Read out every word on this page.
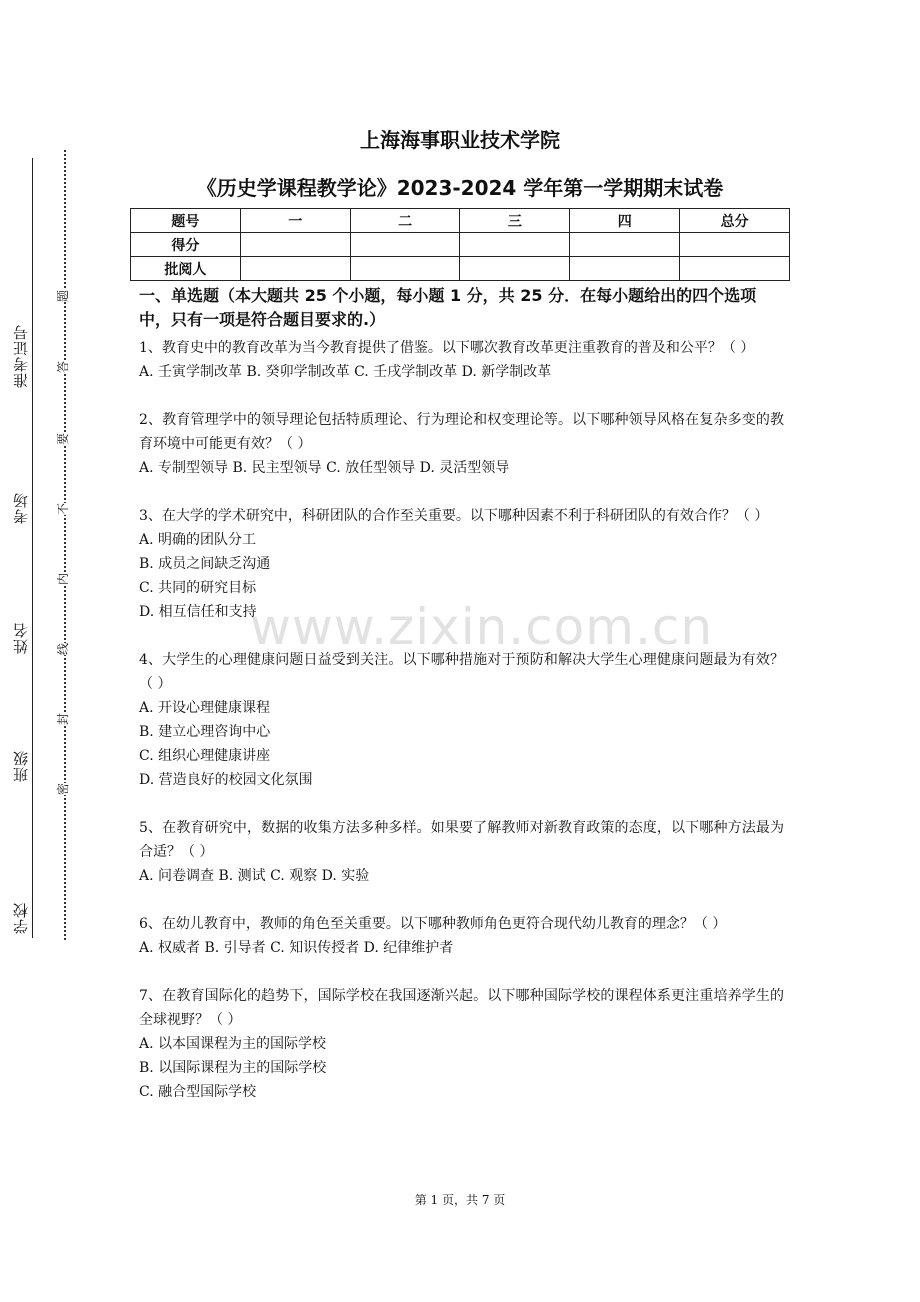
准考证号
考场
姓名
班级
学校
题
答
要
不
内
线
封
密
上海海事职业技术学院
《历史学课程教学论》2023-2024 学年第一学期期末试卷
题号	一	二	三	四	总分
得分					
批阅人					
一、单选题（本大题共 25 个小题，每小题 1 分，共 25 分．在每小题给出的四个选项中，只有一项是符合题目要求的.）

1、教育史中的教育改革为当今教育提供了借鉴。以下哪次教育改革更注重教育的普及和公平？（ ）

A. 壬寅学制改革 B. 癸卯学制改革 C. 壬戌学制改革 D. 新学制改革

2、教育管理学中的领导理论包括特质理论、行为理论和权变理论等。以下哪种领导风格在复杂多变的教育环境中可能更有效？（ ）

A. 专制型领导 B. 民主型领导 C. 放任型领导 D. 灵活型领导

3、在大学的学术研究中，科研团队的合作至关重要。以下哪种因素不利于科研团队的有效合作？（ ）

A. 明确的团队分工

B. 成员之间缺乏沟通

C. 共同的研究目标

D. 相互信任和支持

4、大学生的心理健康问题日益受到关注。以下哪种措施对于预防和解决大学生心理健康问题最为有效？（ ）

A. 开设心理健康课程

B. 建立心理咨询中心

C. 组织心理健康讲座

D. 营造良好的校园文化氛围

5、在教育研究中，数据的收集方法多种多样。如果要了解教师对新教育政策的态度，以下哪种方法最为合适？（ ）

A. 问卷调查 B. 测试 C. 观察 D. 实验

6、在幼儿教育中，教师的角色至关重要。以下哪种教师角色更符合现代幼儿教育的理念？（ ）

A. 权威者 B. 引导者 C. 知识传授者 D. 纪律维护者

7、在教育国际化的趋势下，国际学校在我国逐渐兴起。以下哪种国际学校的课程体系更注重培养学生的全球视野？（ ）

A. 以本国课程为主的国际学校

B. 以国际课程为主的国际学校

C. 融合型国际学校

www.zixin.com.cn
第 1 页，共 7 页
